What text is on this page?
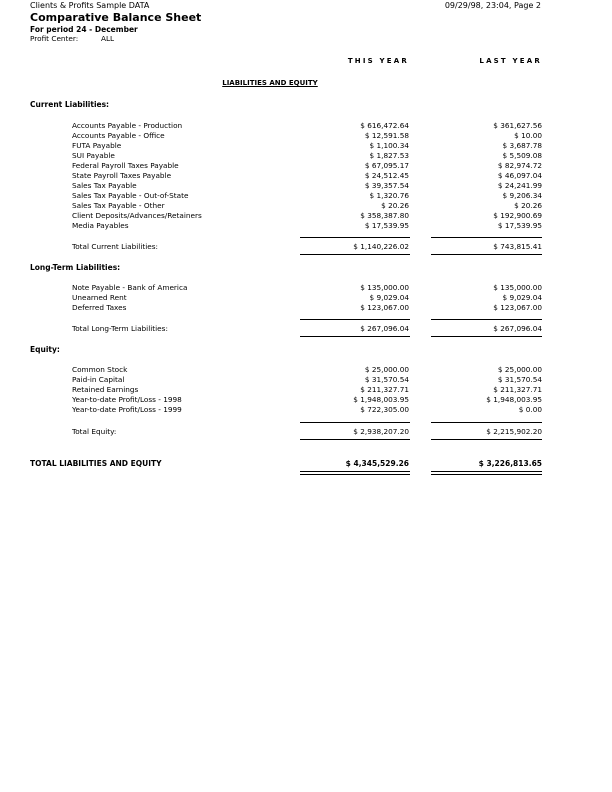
Clients & Profits Sample DATA	09/29/98, 23:04, Page 2
Comparative Balance Sheet
For period 24 - December
Profit Center:	ALL
THIS YEAR	LAST YEAR
LIABILITIES AND EQUITY
Current Liabilities:
Accounts Payable - Production	$ 616,472.64	$ 361,627.56
Accounts Payable - Office	$ 12,591.58	$ 10.00
FUTA Payable	$ 1,100.34	$ 3,687.78
SUI Payable	$ 1,827.53	$ 5,509.08
Federal Payroll Taxes Payable	$ 67,095.17	$ 82,974.72
State Payroll Taxes Payable	$ 24,512.45	$ 46,097.04
Sales Tax Payable	$ 39,357.54	$ 24,241.99
Sales Tax Payable - Out-of-State	$ 1,320.76	$ 9,206.34
Sales Tax Payable - Other	$ 20.26	$ 20.26
Client Deposits/Advances/Retainers	$ 358,387.80	$ 192,900.69
Media Payables	$ 17,539.95	$ 17,539.95
Total Current Liabilities:	$ 1,140,226.02	$ 743,815.41
Long-Term Liabilities:
Note Payable - Bank of America	$ 135,000.00	$ 135,000.00
Unearned Rent	$ 9,029.04	$ 9,029.04
Deferred Taxes	$ 123,067.00	$ 123,067.00
Total Long-Term Liabilities:	$ 267,096.04	$ 267,096.04
Equity:
Common Stock	$ 25,000.00	$ 25,000.00
Paid-in Capital	$ 31,570.54	$ 31,570.54
Retained Earnings	$ 211,327.71	$ 211,327.71
Year-to-date Profit/Loss - 1998	$ 1,948,003.95	$ 1,948,003.95
Year-to-date Profit/Loss - 1999	$ 722,305.00	$ 0.00
Total Equity:	$ 2,938,207.20	$ 2,215,902.20
TOTAL LIABILITIES AND EQUITY	$ 4,345,529.26	$ 3,226,813.65
